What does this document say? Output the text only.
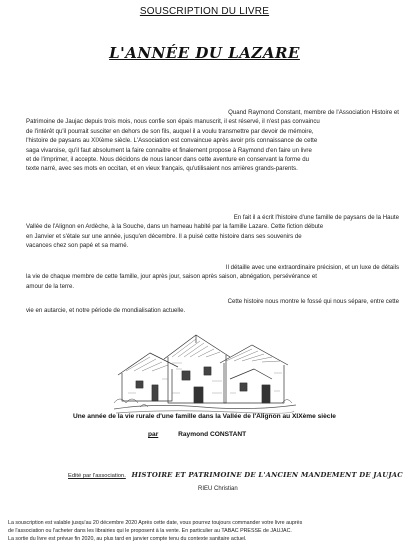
SOUSCRIPTION DU LIVRE
L'ANNÉE DU LAZARE
Quand Raymond Constant, membre de l'Association Histoire et
Patrimoine de Jaujac depuis trois mois, nous confie son épais manuscrit, il est réservé, il n'est pas convaincu
de l'intérêt qu'il pourrait susciter en dehors de son fils, auquel il a voulu transmettre par devoir de mémoire,
l'histoire de paysans au XIXème siècle. L'Association est convaincue après avoir pris connaissance de cette
saga vivaroise, qu'il faut absolument la faire connaitre et finalement propose à Raymond d'en faire un livre
et de l'imprimer, il accepte. Nous décidons de nous lancer dans cette aventure en conservant la forme du
texte narré, avec ses mots en occitan, et en vieux français, qu'utilisaient nos arrières grands-parents.
En fait il a écrit l'histoire d'une famille de paysans de la Haute
Vallée de l'Alignon en Ardèche, à la Souche, dans un hameau habité par la famille Lazare. Cette fiction débute
en Janvier et s'étale sur une année, jusqu'en décembre. Il a puisé cette histoire dans ses souvenirs de
vacances chez son papé et sa mamé.
Il détaille avec une extraordinaire précision, et un luxe de détails
la vie de chaque membre de cette famille, jour après jour, saison après saison, abnégation, persévérance et
amour de la terre.
Cette histoire nous montre le fossé qui nous sépare, entre cette
vie en autarcie, et notre période de mondialisation actuelle.
Une année de la vie rurale d'une famille dans la Vallée de l'Alignon au XIXème siècle
par	Raymond CONSTANT
Edité par l'association. HISTOIRE ET PATRIMOINE DE L'ANCIEN MANDEMENT DE JAUJAC
RIEU Christian
La souscription est valable jusqu'au 20 décembre 2020 Après cette date, vous pourrez toujours commander votre livre auprès
de l'association ou l'acheter dans les librairies qui le proposent à la vente. En particulier au TABAC PRESSE de JAUJAC.
La sortie du livre est prévue fin 2020, au plus tard en janvier compte tenu du contexte sanitaire actuel.
